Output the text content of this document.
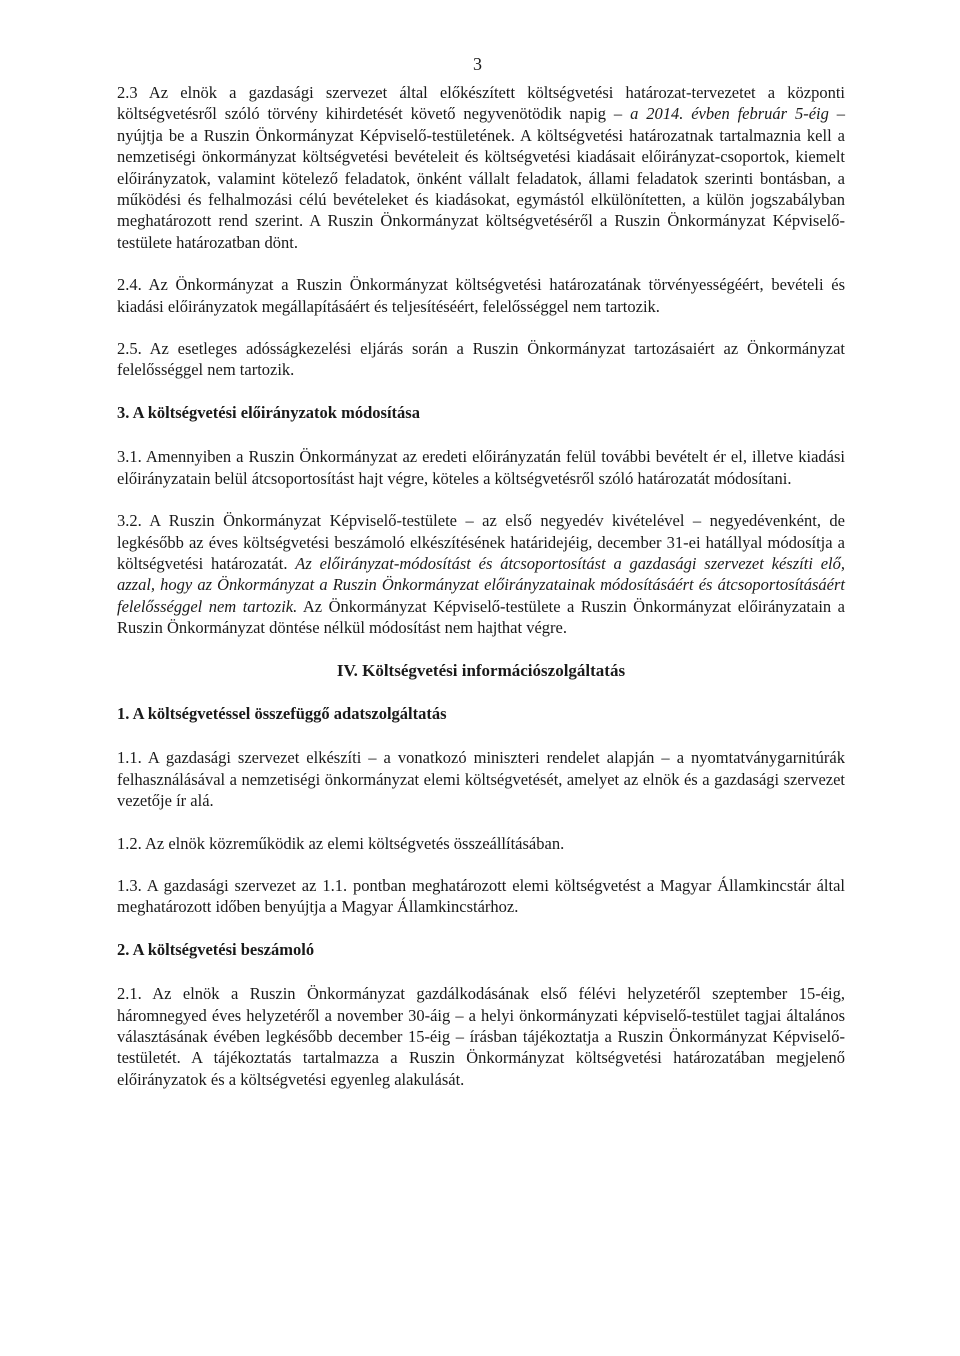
3

2.3 Az elnök a gazdasági szervezet által előkészített költségvetési határozat-tervezetet a központi költségvetésről szóló törvény kihirdetését követő negyvenötödik napig – a 2014. évben február 5-éig – nyújtja be a Ruszin Önkormányzat Képviselő-testületének. A költségvetési határozatnak tartalmaznia kell a nemzetiségi önkormányzat költségvetési bevételeit és költségvetési kiadásait előirányzat-csoportok, kiemelt előirányzatok, valamint kötelező feladatok, önként vállalt feladatok, állami feladatok szerinti bontásban, a működési és felhalmozási célú bevételeket és kiadásokat, egymástól elkülönítetten, a külön jogszabályban meghatározott rend szerint. A Ruszin Önkormányzat költségvetéséről a Ruszin Önkormányzat Képviselő-testülete határozatban dönt.

2.4. Az Önkormányzat a Ruszin Önkormányzat költségvetési határozatának törvényességéért, bevételi és kiadási előirányzatok megállapításáért és teljesítéséért, felelősséggel nem tartozik.

2.5. Az esetleges adósságkezelési eljárás során a Ruszin Önkormányzat tartozásaiért az Önkormányzat felelősséggel nem tartozik.

3. A költségvetési előirányzatok módosítása

3.1. Amennyiben a Ruszin Önkormányzat az eredeti előirányzatán felül további bevételt ér el, illetve kiadási előirányzatain belül átcsoportosítást hajt végre, köteles a költségvetésről szóló határozatát módosítani.

3.2. A Ruszin Önkormányzat Képviselő-testülete – az első negyedév kivételével – negyedévenként, de legkésőbb az éves költségvetési beszámoló elkészítésének határidejéig, december 31-ei hatállyal módosítja a költségvetési határozatát. Az előirányzat-módosítást és átcsoportosítást a gazdasági szervezet készíti elő, azzal, hogy az Önkormányzat a Ruszin Önkormányzat előirányzatainak módosításáért és átcsoportosításáért felelősséggel nem tartozik. Az Önkormányzat Képviselő-testülete a Ruszin Önkormányzat előirányzatain a Ruszin Önkormányzat döntése nélkül módosítást nem hajthat végre.

IV. Költségvetési információszolgáltatás

1. A költségvetéssel összefüggő adatszolgáltatás

1.1. A gazdasági szervezet elkészíti – a vonatkozó miniszteri rendelet alapján – a nyomtatványgarnitúrák felhasználásával a nemzetiségi önkormányzat elemi költségvetését, amelyet az elnök és a gazdasági szervezet vezetője ír alá.

1.2. Az elnök közreműködik az elemi költségvetés összeállításában.

1.3. A gazdasági szervezet az 1.1. pontban meghatározott elemi költségvetést a Magyar Államkincstár által meghatározott időben benyújtja a Magyar Államkincstárhoz.

2. A költségvetési beszámoló

2.1. Az elnök a Ruszin Önkormányzat gazdálkodásának első félévi helyzetéről szeptember 15-éig, háromnegyed éves helyzetéről a november 30-áig – a helyi önkormányzati képviselő-testület tagjai általános választásának évében legkésőbb december 15-éig – írásban tájékoztatja a Ruszin Önkormányzat Képviselő-testületét. A tájékoztatás tartalmazza a Ruszin Önkormányzat költségvetési határozatában megjelenő előirányzatok és a költségvetési egyenleg alakulását.
